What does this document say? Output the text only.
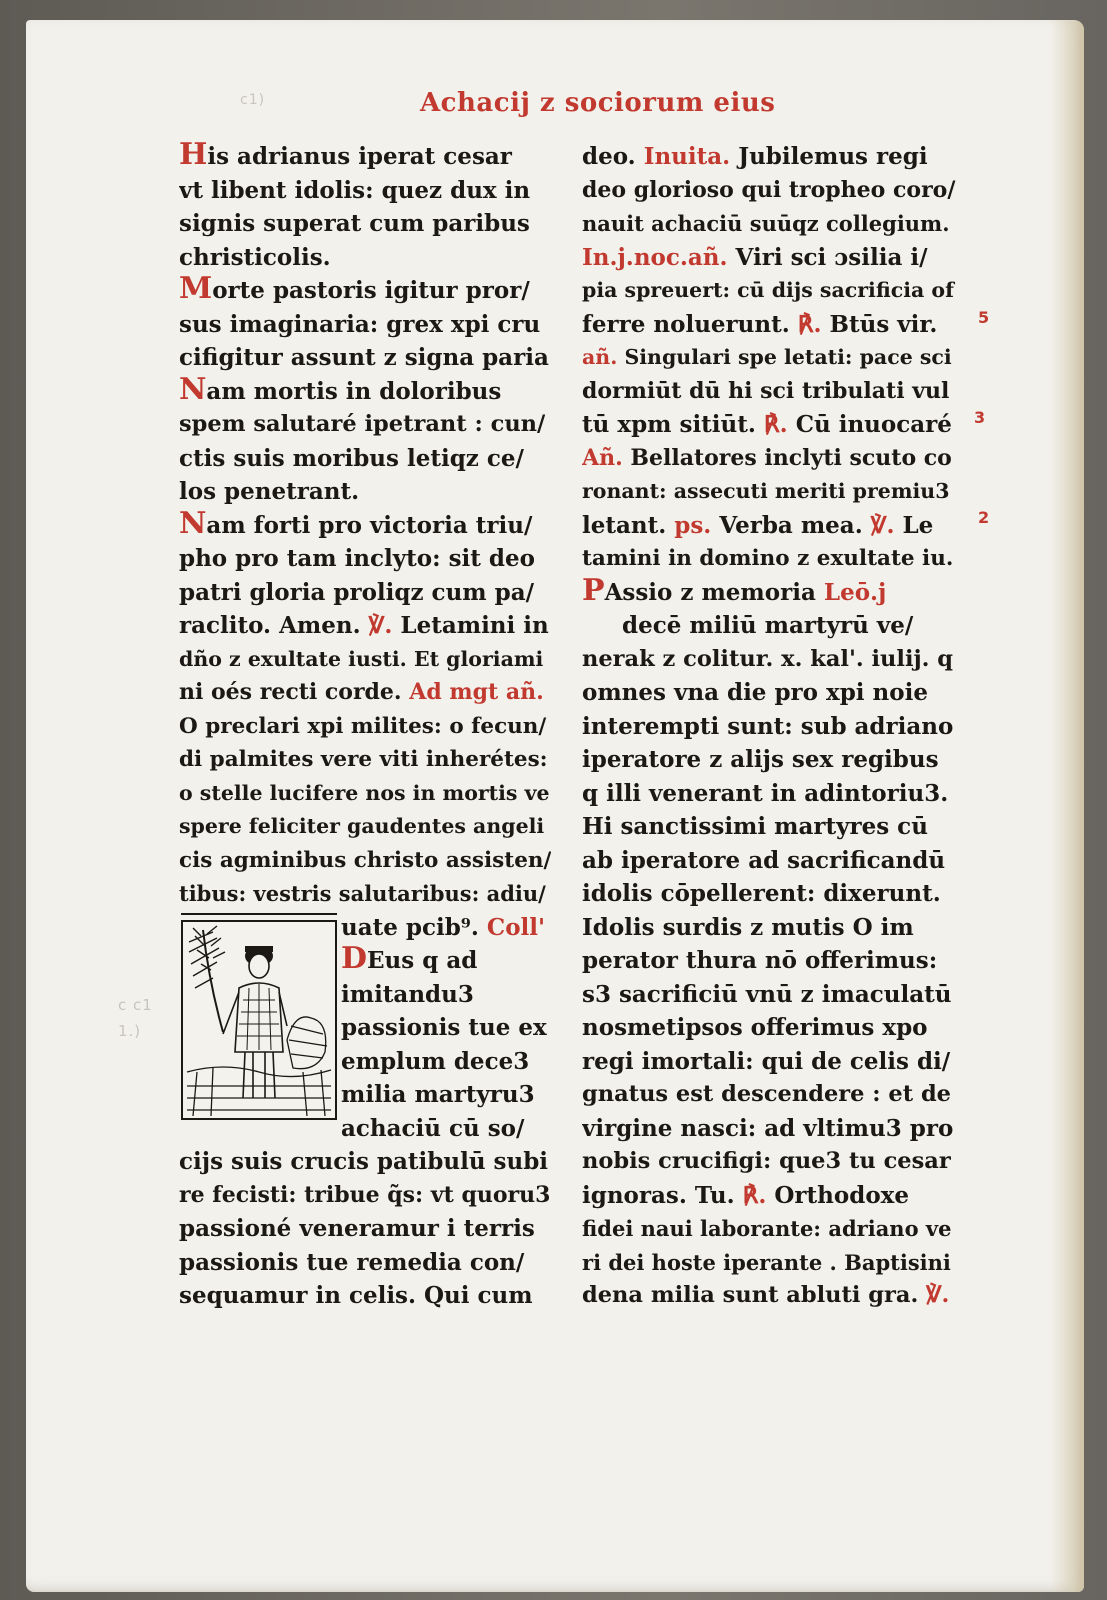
c1)
c c1
1.)
Achacij z sociorum eius
His adrianus iperat cesar
vt libent idolis: quez dux in
signis superat cum paribus
christicolis.
Morte pastoris igitur pror/
sus imaginaria: grex xpi cru
cifigitur assunt z signa paria
Nam mortis in doloribus
spem salutaré ipetrant : cun/
ctis suis moribus letiqz ce/
los penetrant.
Nam forti pro victoria triu/
pho pro tam inclyto: sit deo
patri gloria proliqz cum pa/
raclito. Amen. ℣. Letamini in
dño z exultate iusti. Et gloriami
ni oés recti corde. Ad mgt añ.
O preclari xpi milites: o fecun/
di palmites vere viti inherétes:
o stelle lucifere nos in mortis ve
spere feliciter gaudentes angeli
cis agminibus christo assisten/
tibus: vestris salutaribus: adiu/
uate pcib⁹. Coll'
DEus q ad
imitandu3
passionis tue ex
emplum dece3
milia martyru3
achaciū cū so/
cijs suis crucis patibulū subi
re fecisti: tribue q̃s: vt quoru3
passioné veneramur i terris
passionis tue remedia con/
sequamur in celis. Qui cum
deo. Inuita. Jubilemus regi
deo glorioso qui tropheo coro/
nauit achaciū suūqz collegium.
In.j.noc.añ. Viri sci ɔsilia i/
pia spreuert: cū dijs sacrificia of
ferre noluerunt. ℟. Btūs vir.
añ. Singulari spe letati: pace sci
dormiūt dū hi sci tribulati vul
tū xpm sitiūt. ℟. Cū inuocaré
Añ. Bellatores inclyti scuto co
ronant: assecuti meriti premiu3
letant. ps. Verba mea. ℣. Le
tamini in domino z exultate iu.
PAssio z memoria Leō.j
decē miliū martyrū ve/
nerak z colitur. x. kal'. iulij. q
omnes vna die pro xpi noie
interempti sunt: sub adriano
iperatore z alijs sex regibus
q illi venerant in adintoriu3.
Hi sanctissimi martyres cū
ab iperatore ad sacrificandū
idolis cōpellerent: dixerunt.
Idolis surdis z mutis O im
perator thura nō offerimus:
s3 sacrificiū vnū z imaculatū
nosmetipsos offerimus xpo
regi imortali: qui de celis di/
gnatus est descendere : et de
virgine nasci: ad vltimu3 pro
nobis crucifigi: que3 tu cesar
ignoras. Tu. ℟. Orthodoxe
fidei naui laborante: adriano ve
ri dei hoste iperante . Baptisini
dena milia sunt abluti gra. ℣.
5
3
2
